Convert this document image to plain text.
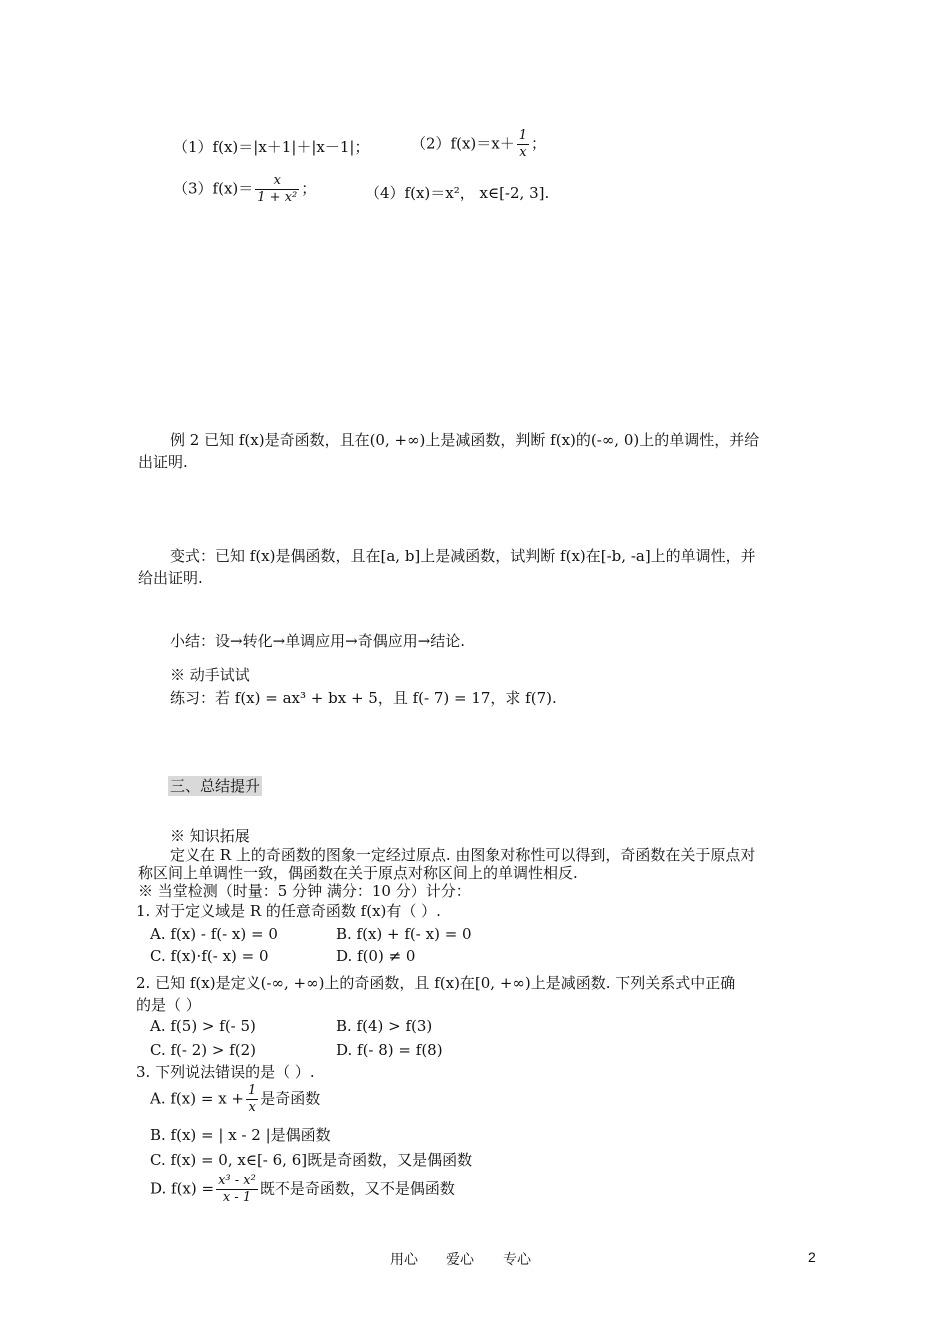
（1）f(x)＝|x＋1|＋|x－1|；	$(2)f(x)=x+ \frac{1}{x}$ ；
$(3)f(x)= \frac{x}{\text{1 + x²}}$ ；	（4）f(x)＝x²， x∈[-2, 3].
例 2 已知 f(x)是奇函数，且在(0, +∞)上是减函数，判断 f(x)的(-∞, 0)上的单调性，并给
出证明.
变式：已知 f(x)是偶函数，且在[a, b]上是减函数，试判断 f(x)在[-b, -a]上的单调性，并
给出证明.
小结：设→转化→单调应用→奇偶应用→结论.
※ 动手试试
练习：若 f(x) = ax³ + bx + 5，且 f(- 7) = 17，求 f(7).
三、总结提升
※ 知识拓展
定义在 R 上的奇函数的图象一定经过原点. 由图象对称性可以得到，奇函数在关于原点对
称区间上单调性一致，偶函数在关于原点对称区间上的单调性相反.
※ 当堂检测（时量：5 分钟 满分：10 分）计分：
1. 对于定义域是 R 的任意奇函数 f(x)有（ ）.
A. f(x) - f(- x) = 0	B. f(x) + f(- x) = 0
C. f(x)⋅f(- x) = 0	D. f(0) ≠ 0
2. 已知 f(x)是定义(-∞, +∞)上的奇函数，且 f(x)在[0, +∞)上是减函数. 下列关系式中正确
的是（ ）
A. f(5) > f(- 5)	B. f(4) > f(3)
C. f(- 2) > f(2)	D. f(- 8) = f(8)
3. 下列说法错误的是（ ）.
A. $f(x) = x + \frac{1}{x}$ 是奇函数
B. f(x) = | x - 2 |是偶函数
C. f(x) = 0, x∈[- 6, 6]既是奇函数，又是偶函数
D. $f(x) = \frac{\text{x³ - x²}}{x - 1}$ 既不是奇函数，又不是偶函数
用心 爱心 专心	2
